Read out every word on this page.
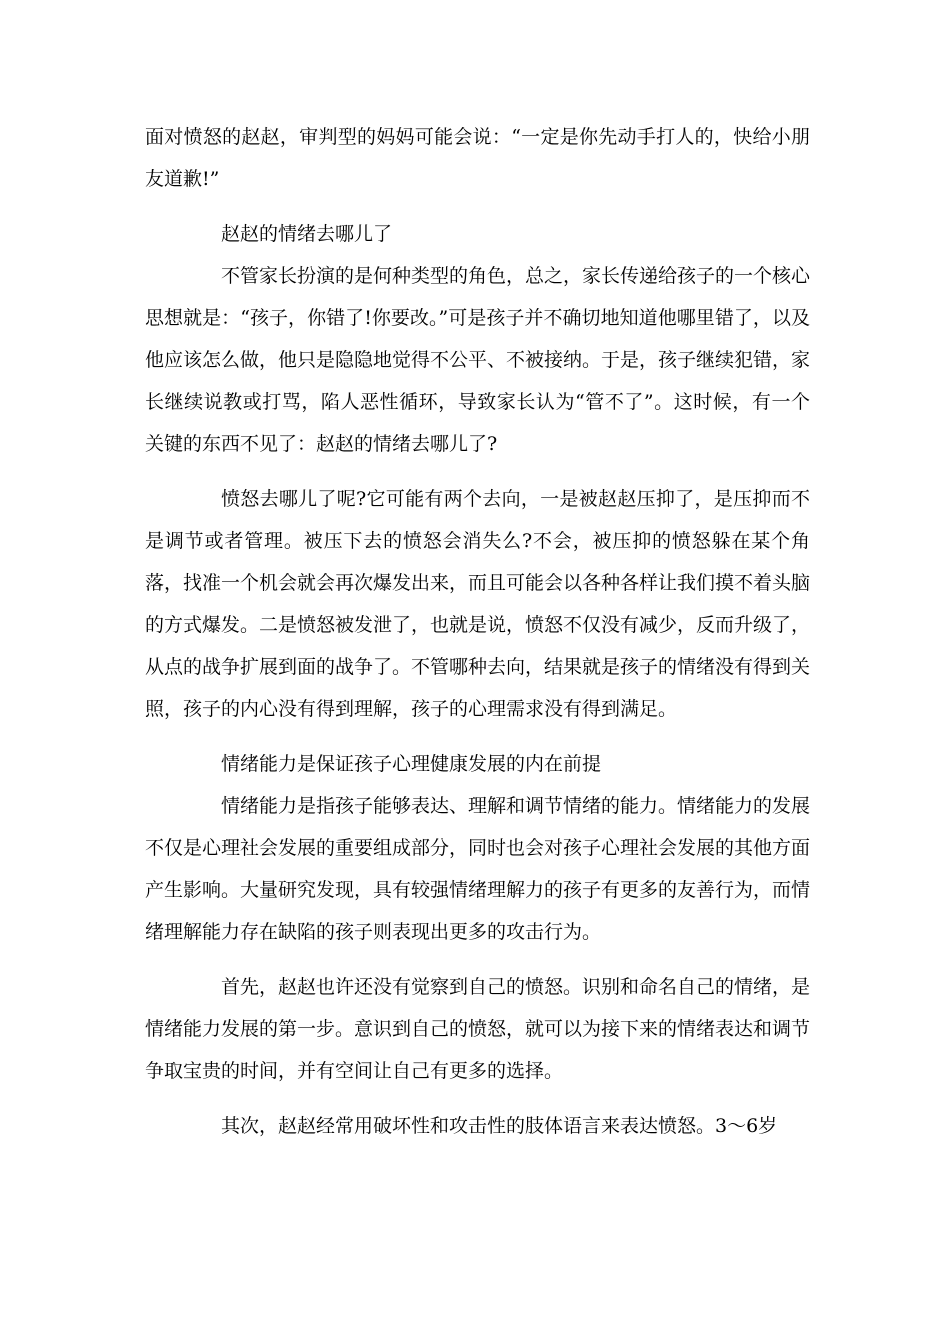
面对愤怒的赵赵，审判型的妈妈可能会说：“一定是你先动手打人的，快给小朋友道歉!”

赵赵的情绪去哪儿了

不管家长扮演的是何种类型的角色，总之，家长传递给孩子的一个核心思想就是：“孩子，你错了!你要改。”可是孩子并不确切地知道他哪里错了，以及他应该怎么做，他只是隐隐地觉得不公平、不被接纳。于是，孩子继续犯错，家长继续说教或打骂，陷人恶性循环，导致家长认为“管不了”。这时候，有一个关键的东西不见了：赵赵的情绪去哪儿了?

愤怒去哪儿了呢?它可能有两个去向，一是被赵赵压抑了，是压抑而不是调节或者管理。被压下去的愤怒会消失么?不会，被压抑的愤怒躲在某个角落，找准一个机会就会再次爆发出来，而且可能会以各种各样让我们摸不着头脑的方式爆发。二是愤怒被发泄了，也就是说，愤怒不仅没有减少，反而升级了，从点的战争扩展到面的战争了。不管哪种去向，结果就是孩子的情绪没有得到关照，孩子的内心没有得到理解，孩子的心理需求没有得到满足。

情绪能力是保证孩子心理健康发展的内在前提

情绪能力是指孩子能够表达、理解和调节情绪的能力。情绪能力的发展不仅是心理社会发展的重要组成部分，同时也会对孩子心理社会发展的其他方面产生影响。大量研究发现，具有较强情绪理解力的孩子有更多的友善行为，而情绪理解能力存在缺陷的孩子则表现出更多的攻击行为。

首先，赵赵也许还没有觉察到自己的愤怒。识别和命名自己的情绪，是情绪能力发展的第一步。意识到自己的愤怒，就可以为接下来的情绪表达和调节争取宝贵的时间，并有空间让自己有更多的选择。

其次，赵赵经常用破坏性和攻击性的肢体语言来表达愤怒。3～6岁
